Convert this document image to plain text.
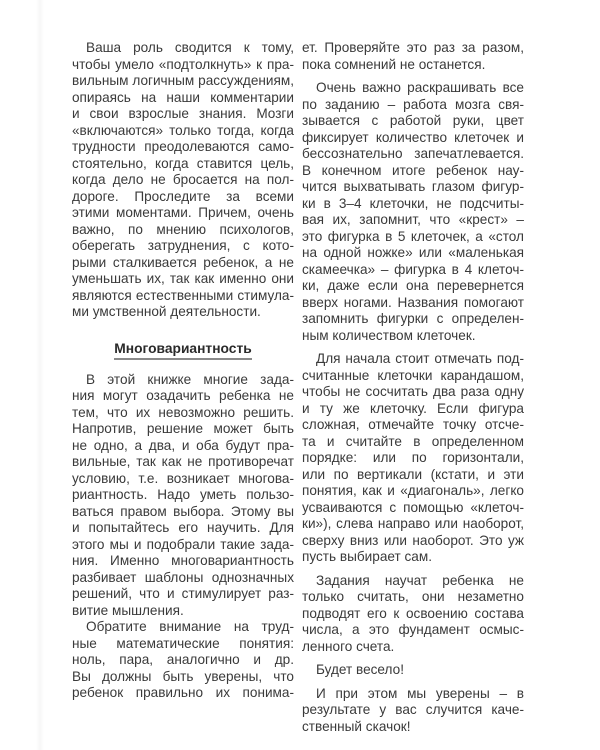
Ваша роль сводится к тому,
чтобы умело «подтолкнуть» к пра-
вильным логичным рассуждениям,
опираясь на наши комментарии
и свои взрослые знания. Мозги
«включаются» только тогда, когда
трудности преодолеваются само-
стоятельно, когда ставится цель,
когда дело не бросается на пол-
дороге. Проследите за всеми
этими моментами. Причем, очень
важно, по мнению психологов,
оберегать затруднения, с кото-
рыми сталкивается ребенок, а не
уменьшать их, так как именно они
являются естественными стимула-
ми умственной деятельности.
Многовариантность
В этой книжке многие зада-
ния могут озадачить ребенка не
тем, что их невозможно решить.
Напротив, решение может быть
не одно, а два, и оба будут пра-
вильные, так как не противоречат
условию, т.е. возникает многова-
риантность. Надо уметь пользо-
ваться правом выбора. Этому вы
и попытайтесь его научить. Для
этого мы и подобрали такие зада-
ния. Именно многовариантность
разбивает шаблоны однозначных
решений, что и стимулирует раз-
витие мышления.
Обратите внимание на труд-
ные математические понятия:
ноль, пара, аналогично и др.
Вы должны быть уверены, что
ребенок правильно их понима-
ет. Проверяйте это раз за разом,
пока сомнений не останется.
Очень важно раскрашивать все
по заданию – работа мозга свя-
зывается с работой руки, цвет
фиксирует количество клеточек и
бессознательно запечатлевается.
В конечном итоге ребенок нау-
чится выхватывать глазом фигур-
ки в 3–4 клеточки, не подсчиты-
вая их, запомнит, что «крест» –
это фигурка в 5 клеточек, а «стол
на одной ножке» или «маленькая
скамеечка» – фигурка в 4 клеточ-
ки, даже если она перевернется
вверх ногами. Названия помогают
запомнить фигурки с определен-
ным количеством клеточек.
Для начала стоит отмечать под-
считанные клеточки карандашом,
чтобы не сосчитать два раза одну
и ту же клеточку. Если фигура
сложная, отмечайте точку отсче-
та и считайте в определенном
порядке: или по горизонтали,
или по вертикали (кстати, и эти
понятия, как и «диагональ», легко
усваиваются с помощью «клеточ-
ки»), слева направо или наоборот,
сверху вниз или наоборот. Это уж
пусть выбирает сам.
Задания научат ребенка не
только считать, они незаметно
подводят его к освоению состава
числа, а это фундамент осмыс-
ленного счета.
Будет весело!
И при этом мы уверены – в
результате у вас случится каче-
ственный скачок!
